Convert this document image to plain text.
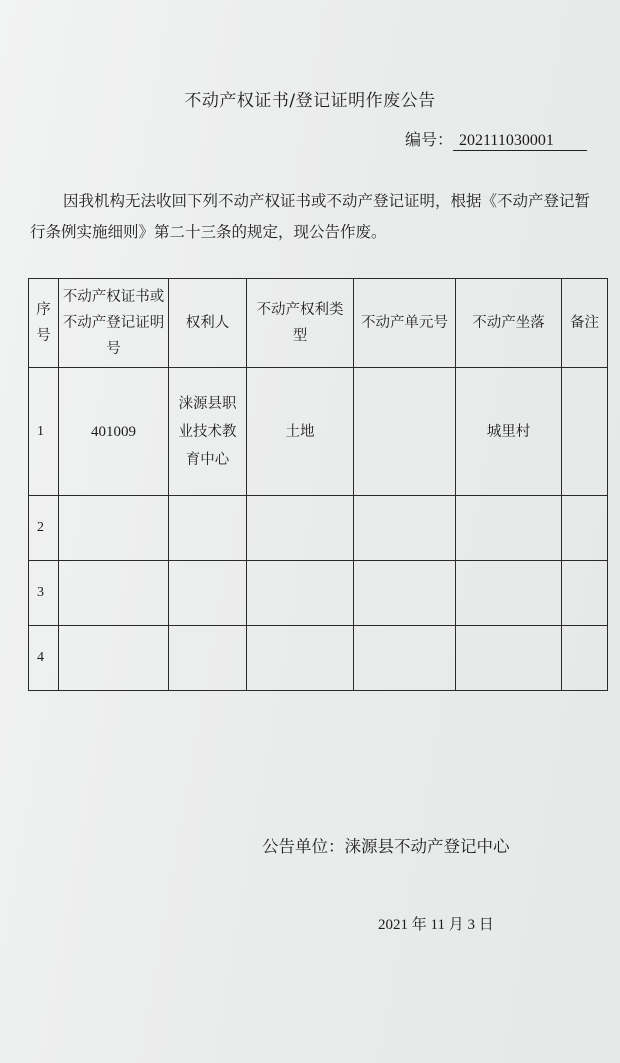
不动产权证书/登记证明作废公告
编号： 202111030001
因我机构无法收回下列不动产权证书或不动产登记证明，根据《不动产登记暂行条例实施细则》第二十三条的规定，现公告作废。
序号	不动产权证书或不动产登记证明号	权利人	不动产权利类型	不动产单元号	不动产坐落	备注
1	401009	涞源县职业技术教育中心	土地		城里村	
2						
3						
4						
公告单位：涞源县不动产登记中心
2021 年 11 月 3 日
